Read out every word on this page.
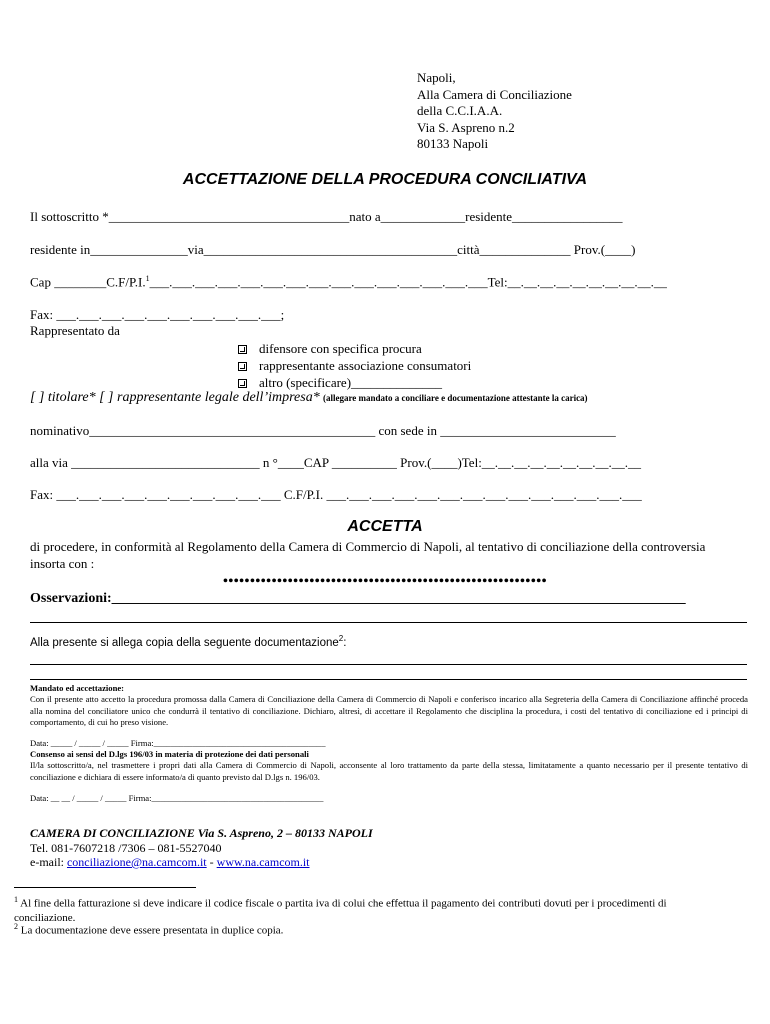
Napoli,
Alla Camera di Conciliazione
della C.C.I.A.A.
Via S. Aspreno n.2
80133 Napoli
ACCETTAZIONE DELLA PROCEDURA CONCILIATIVA
Il sottoscritto *_____________________________________nato a_____________residente_________________
residente in_______________via_______________________________________città______________ Prov.(____)
Cap ________C.F/P.I.$^1$___.___.___.___.___.___.___.___.___.___.___.___.___.___.___Tel:__.__.__.__.__.__.__.__.__.__
Fax: ___.___.___.___.___.___.___.___.___.___;
Rappresentato da
difensore con specifica procura
rappresentante associazione consumatori
altro (specificare)______________
[ ] titolare* [ ] rappresentante legale dell’impresa* (allegare mandato a conciliare e documentazione attestante la carica)
nominativo____________________________________________ con sede in ___________________________
alla via _____________________________ n °____CAP __________ Prov.(____)Tel:__.__.__.__.__.__.__.__.__.__
Fax: ___.___.___.___.___.___.___.___.___.___ C.F/P.I. ___.___.___.___.___.___.___.___.___.___.___.___.___.___
ACCETTA
di procedere, in conformità al Regolamento della Camera di Commercio di Napoli, al tentativo di conciliazione della controversia insorta con :
••••••••••••••••••••••••••••••••••••••••••••••••••••••••••••
Osservazioni:__________________________________________________________________________________
Alla presente si allega copia della seguente documentazione$^2$:
Mandato ed accettazione:
Con il presente atto accetto la procedura promossa dalla Camera di Conciliazione della Camera di Commercio di Napoli e conferisco incarico alla Segreteria della Camera di Conciliazione affinché proceda alla nomina del conciliatore unico che condurrà il tentativo di conciliazione. Dichiaro, altresì, di accettare il Regolamento che disciplina la procedura, i costi del tentativo di conciliazione ed i principi di comportamento, di cui ho preso visione.
Data: _____ / _____ / _____ Firma:________________________________________
Consenso ai sensi del D.lgs 196/03 in materia di protezione dei dati personali
Il/la sottoscritto/a, nel trasmettere i propri dati alla Camera di Commercio di Napoli, acconsente al loro trattamento da parte della stessa, limitatamente a quanto necessario per il presente tentativo di conciliazione e dichiara di essere informato/a di quanto previsto dal D.lgs n. 196/03.
Data: __ __ / _____ / _____ Firma:________________________________________
CAMERA DI CONCILIAZIONE Via S. Aspreno, 2 – 80133 NAPOLI
Tel. 081-7607218 /7306 – 081-5527040
e-mail: conciliazione@na.camcom.it - www.na.camcom.it
$^1$ Al fine della fatturazione si deve indicare il codice fiscale o partita iva di colui che effettua il pagamento dei contributi dovuti per i procedimenti di conciliazione.
$^2$ La documentazione deve essere presentata in duplice copia.
